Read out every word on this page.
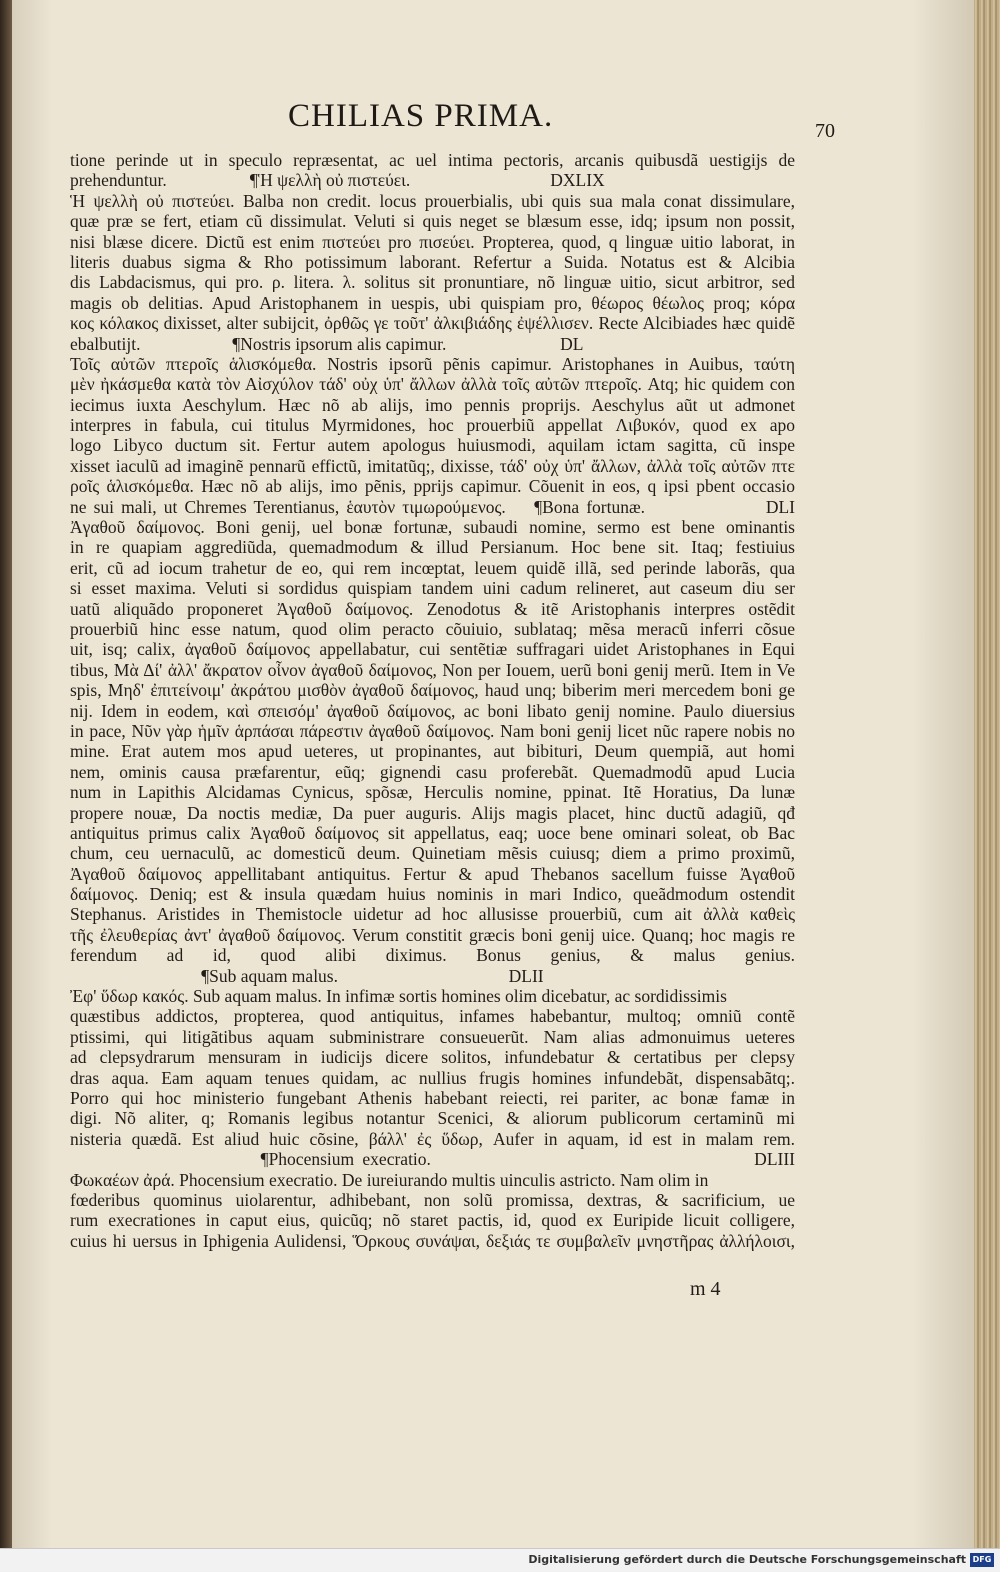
CHILIAS PRIMA.	70
tione perinde ut in speculo repræsentat, ac uel intima pectoris, arcanis quibusdã uestigijs de
prehenduntur.                   ¶Ἡ ψελλὴ οὐ πιστεύει.                                DXLIX
Ἡ ψελλὴ οὐ πιστεύει. Balba non credit. locus prouerbialis, ubi quis sua mala conat dissimulare,
quæ præ se fert, etiam cũ dissimulat. Veluti si quis neget se blæsum esse, idq; ipsum non possit,
nisi blæse dicere. Dictũ est enim πιστεύει pro πισεύει. Propterea, quod, q linguæ uitio laborat, in
literis duabus sigma & Rho potissimum laborant. Refertur a Suida. Notatus est & Alcibia
dis Labdacismus, qui pro. ρ. litera. λ. solitus sit pronuntiare, nõ linguæ uitio, sicut arbitror, sed
magis ob delitias. Apud Aristophanem in uespis, ubi quispiam pro, θέωρος θέωλος proq; κόρα
κος κόλακος dixisset, alter subijcit, ὀρθῶς γε τοῦτ' ἀλκιβιάδης ἐψέλλισεν. Recte Alcibiades hæc quidẽ
ebalbutijt.                     ¶Nostris ipsorum alis capimur.                          DL
Τοῖς αὐτῶν πτεροῖς ἁλισκόμεθα. Nostris ipsorũ pẽnis capimur. Aristophanes in Auibus, ταύτη
μὲν ἠκάσμεθα κατὰ τὸν Αἰσχύλον τάδ' οὐχ ὑπ' ἄλλων ἀλλὰ τοῖς αὐτῶν πτεροῖς. Atq; hic quidem con
iecimus iuxta Aeschylum. Hæc nõ ab alijs, imo pennis proprijs. Aeschylus aũt ut admonet
interpres in fabula, cui titulus Myrmidones, hoc prouerbiũ appellat Λιβυκόν, quod ex apo
logo Libyco ductum sit. Fertur autem apologus huiusmodi, aquilam ictam sagitta, cũ inspe
xisset iaculũ ad imaginẽ pennarũ effictũ, imitatũq;, dixisse, τάδ' οὐχ ὑπ' ἄλλων, ἀλλὰ τοῖς αὐτῶν πτε
ροῖς ἁλισκόμεθα. Hæc nõ ab alijs, imo pẽnis, pprijs capimur. Cõuenit in eos, q ipsi pbent occasio
ne sui mali, ut Chremes Terentianus, ἑαυτὸν τιμωρούμενος.    ¶Bona fortunæ.                 DLI
Ἀγαθοῦ δαίμονος. Boni genij, uel bonæ fortunæ, subaudi nomine, sermo est bene ominantis
in re quapiam aggrediũda, quemadmodum & illud Persianum. Hoc bene sit. Itaq; festiuius
erit, cũ ad iocum trahetur de eo, qui rem incœptat, leuem quidẽ illã, sed perinde laborãs, qua
si esset maxima. Veluti si sordidus quispiam tandem uini cadum relineret, aut caseum diu ser
uatũ aliquãdo proponeret Ἀγαθοῦ δαίμονος. Zenodotus & itẽ Aristophanis interpres ostẽdit
prouerbiũ hinc esse natum, quod olim peracto cõuiuio, sublataq; mẽsa meracũ inferri cõsue
uit, isq; calix, ἀγαθοῦ δαίμονος appellabatur, cui sentẽtiæ suffragari uidet Aristophanes in Equi
tibus, Μὰ Δί' ἀλλ' ἄκρατον οἶνον ἀγαθοῦ δαίμονος, Non per Iouem, uerũ boni genij merũ. Item in Ve
spis, Μηδ' ἐπιτείνοιμ' ἀκράτου μισθὸν ἀγαθοῦ δαίμονος, haud unq; biberim meri mercedem boni ge
nij. Idem in eodem, καὶ σπεισόμ' ἀγαθοῦ δαίμονος, ac boni libato genij nomine. Paulo diuersius
in pace, Νῦν γὰρ ἡμῖν ἁρπάσαι πάρεστιν ἀγαθοῦ δαίμονος. Nam boni genij licet nũc rapere nobis no
mine. Erat autem mos apud ueteres, ut propinantes, aut bibituri, Deum quempiã, aut homi
nem, ominis causa præfarentur, eũq; gignendi casu proferebãt. Quemadmodũ apud Lucia
num in Lapithis Alcidamas Cynicus, spõsæ, Herculis nomine, ppinat. Itẽ Horatius, Da lunæ
propere nouæ, Da noctis mediæ, Da puer auguris. Alijs magis placet, hinc ductũ adagiũ, qđ
antiquitus primus calix Ἀγαθοῦ δαίμονος sit appellatus, eaq; uoce bene ominari soleat, ob Bac
chum, ceu uernaculũ, ac domesticũ deum. Quinetiam mẽsis cuiusq; diem a primo proximũ,
Ἀγαθοῦ δαίμονος appellitabant antiquitus. Fertur & apud Thebanos sacellum fuisse Ἀγαθοῦ
δαίμονος. Deniq; est & insula quædam huius nominis in mari Indico, queãdmodum ostendit
Stephanus. Aristides in Themistocle uidetur ad hoc allusisse prouerbiũ, cum ait ἀλλὰ καθεὶς
τῆς ἐλευθερίας ἀντ' ἀγαθοῦ δαίμονος. Verum constitit græcis boni genij uice. Quanq; hoc magis re
ferendum ad id, quod alibi diximus. Bonus genius, & malus genius.
¶Sub aquam malus.                                       DLII
Ἐφ' ὕδωρ κακός. Sub aquam malus. In infimæ sortis homines olim dicebatur, ac sordidissimis
quæstibus addictos, propterea, quod antiquitus, infames habebantur, multoq; omniũ contẽ
ptissimi, qui litigãtibus aquam subministrare consueuerũt. Nam alias admonuimus ueteres
ad clepsydrarum mensuram in iudicijs dicere solitos, infundebatur & certatibus per clepsy
dras aqua. Eam aquam tenues quidam, ac nullius frugis homines infundebãt, dispensabãtq;.
Porro qui hoc ministerio fungebant Athenis habebant reiecti, rei pariter, ac bonæ famæ in
digi. Nõ aliter, q; Romanis legibus notantur Scenici, & aliorum publicorum certaminũ mi
nisteria quædã. Est aliud huic cõsine, βάλλ' ἐς ὕδωρ, Aufer in aquam, id est in malam rem.
¶Phocensium execratio.                                       DLIII
Φωκαέων ἀρά. Phocensium execratio. De iureiurando multis uinculis astricto. Nam olim in
fœderibus quominus uiolarentur, adhibebant, non solũ promissa, dextras, & sacrificium, ue
rum execrationes in caput eius, quicũq; nõ staret pactis, id, quod ex Euripide licuit colligere,
cuius hi uersus in Iphigenia Aulidensi, Ὅρκους συνάψαι, δεξιάς τε συμβαλεῖν μνηστῆρας ἀλλήλοισι,
m 4
Digitalisierung gefördert durch die Deutsche Forschungsgemeinschaft DFG
